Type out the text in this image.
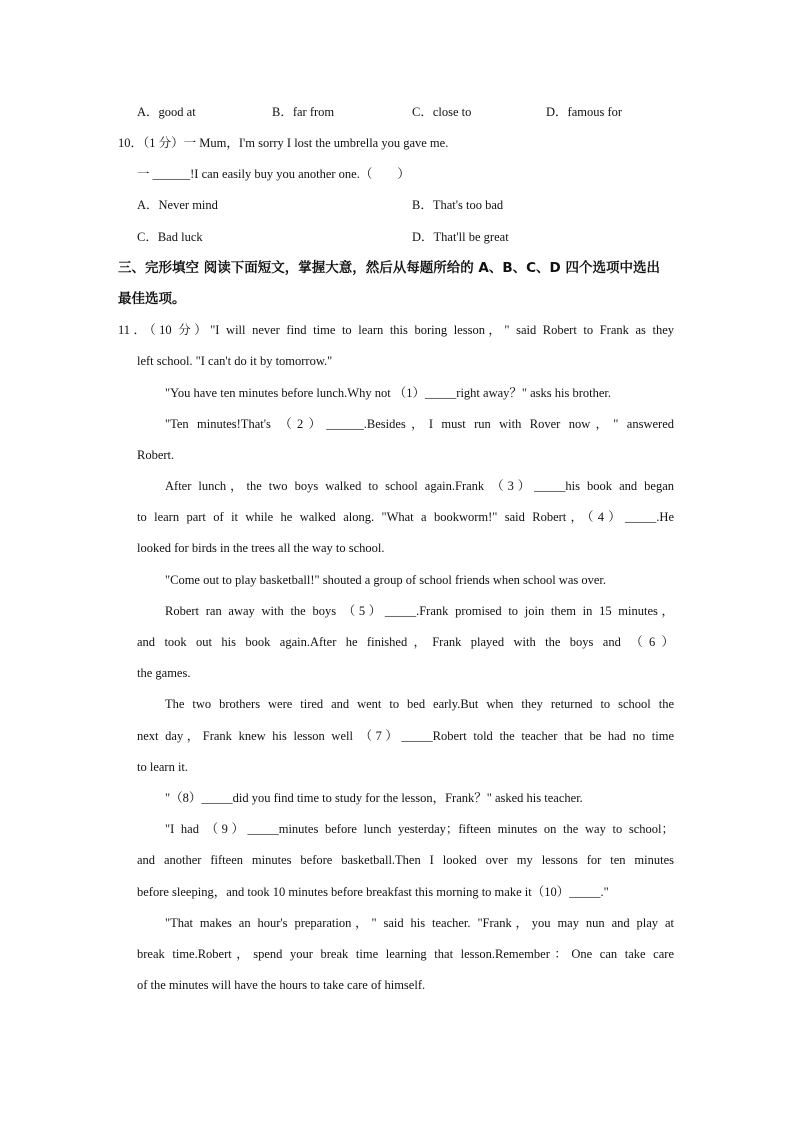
A．good at	B．far from	C．close to	D．famous for
10．（1 分）一 Mum，I'm sorry I lost the umbrella you gave me.
一 ______!I can easily buy you another one.（　　）
A．Never mind	B．That's too bad
C．Bad luck	D．That'll be great
三、完形填空 阅读下面短文，掌握大意，然后从每题所给的 A、B、C、D 四个选项中选出
最佳选项。
11．（10 分）"I will never find time to learn this boring lesson，" said Robert to Frank as they
left school. "I can't do it by tomorrow."
"You have ten minutes before lunch.Why not （1）_____right away？" asks his brother.
"Ten minutes!That's （2）______.Besides，I must run with Rover now，" answered
Robert.
After lunch，the two boys walked to school again.Frank （3）_____his book and began
to learn part of it while he walked along. "What a bookworm!" said Robert，（4）_____.He
looked for birds in the trees all the way to school.
"Come out to play basketball!" shouted a group of school friends when school was over.
Robert ran away with the boys （5）_____.Frank promised to join them in 15 minutes，
and took out his book again.After he finished，Frank played with the boys and （6）
the games.
The two brothers were tired and went to bed early.But when they returned to school the
next day，Frank knew his lesson well （7）_____Robert told the teacher that be had no time
to learn it.
"（8）_____did you find time to study for the lesson，Frank？" asked his teacher.
"I had （9）_____minutes before lunch yesterday；fifteen minutes on the way to school；
and another fifteen minutes before basketball.Then I looked over my lessons for ten minutes
before sleeping，and took 10 minutes before breakfast this morning to make it（10）_____."
"That makes an hour's preparation，" said his teacher. "Frank，you may nun and play at
break time.Robert，spend your break time learning that lesson.Remember：One can take care
of the minutes will have the hours to take care of himself.
